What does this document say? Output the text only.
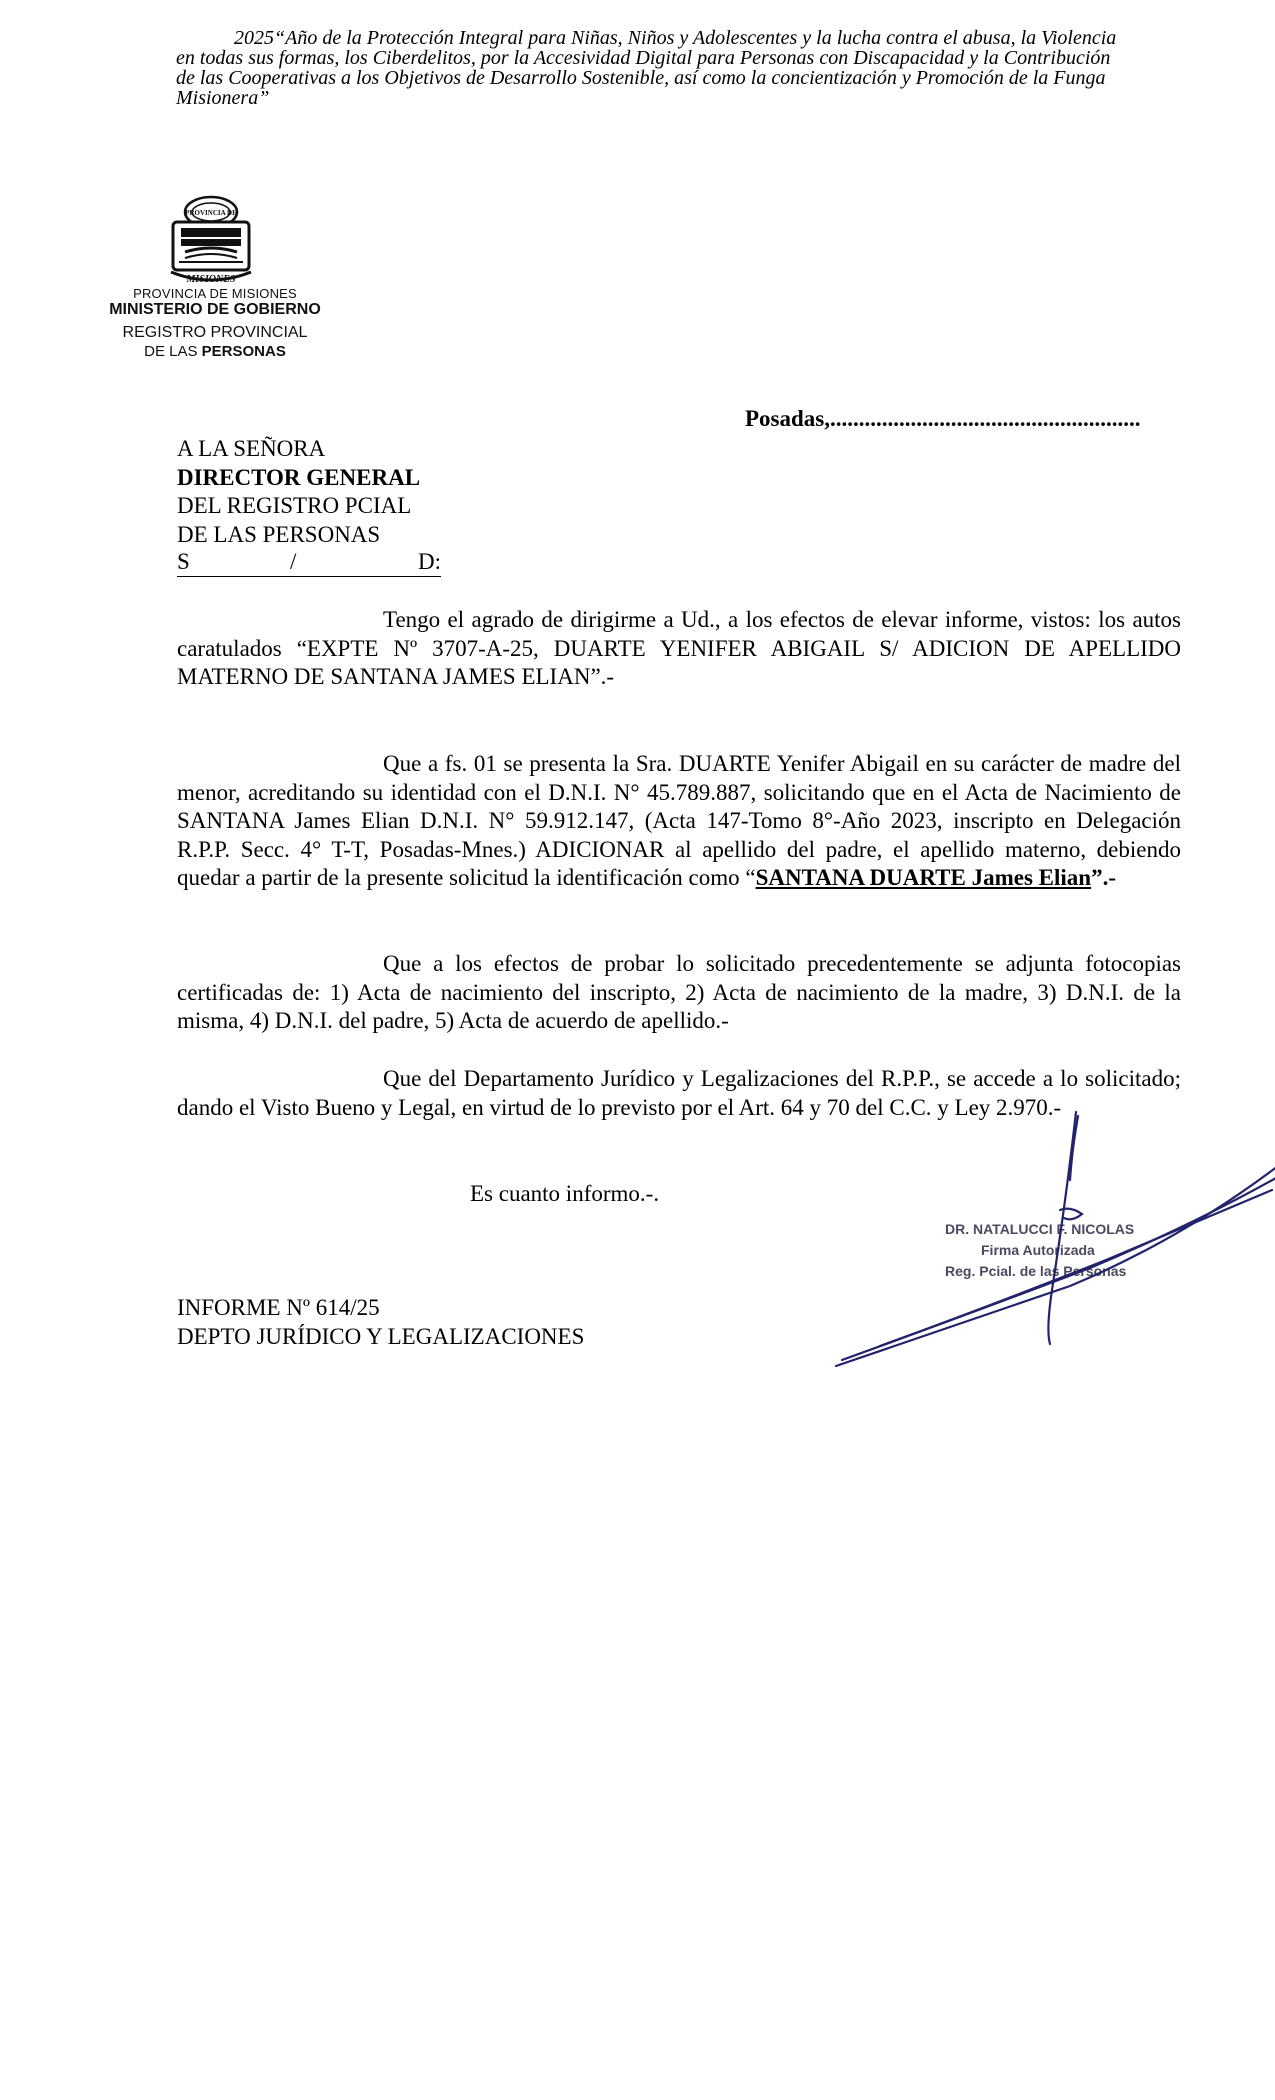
2025“Año de la Protección Integral para Niñas, Niños y Adolescentes y la lucha contra el abusa, la Violencia
en todas sus formas, los Ciberdelitos, por la Accesividad Digital para Personas con Discapacidad y la Contribución
de las Cooperativas a los Objetivos de Desarrollo Sostenible, así como la concientización y Promoción de la Funga
Misionera”
PROVINCIA DE
MISIONES
PROVINCIA DE MISIONES
MINISTERIO DE GOBIERNO
REGISTRO PROVINCIAL
DE LAS PERSONAS
Posadas,......................................................
A LA SEÑORA
DIRECTOR GENERAL
DEL REGISTRO PCIAL
DE LAS PERSONAS
S	/	D:
Tengo el agrado de dirigirme a Ud., a los efectos de elevar informe, vistos: los autos caratulados “EXPTE Nº 3707-A-25, DUARTE YENIFER ABIGAIL S/ ADICION DE APELLIDO MATERNO DE SANTANA JAMES ELIAN”.-
Que a fs. 01 se presenta la Sra. DUARTE Yenifer Abigail en su carácter de madre del menor, acreditando su identidad con el D.N.I. N° 45.789.887, solicitando que en el Acta de Nacimiento de SANTANA James Elian D.N.I. N° 59.912.147, (Acta 147-Tomo 8°-Año 2023, inscripto en Delegación R.P.P. Secc. 4° T-T, Posadas-Mnes.) ADICIONAR al apellido del padre, el apellido materno, debiendo quedar a partir de la presente solicitud la identificación como “SANTANA DUARTE James Elian”.-
Que a los efectos de probar lo solicitado precedentemente se adjunta fotocopias certificadas de: 1) Acta de nacimiento del inscripto, 2) Acta de nacimiento de la madre, 3) D.N.I. de la misma, 4) D.N.I. del padre, 5) Acta de acuerdo de apellido.-
Que del Departamento Jurídico y Legalizaciones del R.P.P., se accede a lo solicitado; dando el Visto Bueno y Legal, en virtud de lo previsto por el Art. 64 y 70 del C.C. y Ley 2.970.-
Es cuanto informo.-.
INFORME Nº 614/25
DEPTO JURÍDICO Y LEGALIZACIONES
DR. NATALUCCI F. NICOLAS
Firma Autorizada
Reg. Pcial. de las Personas
